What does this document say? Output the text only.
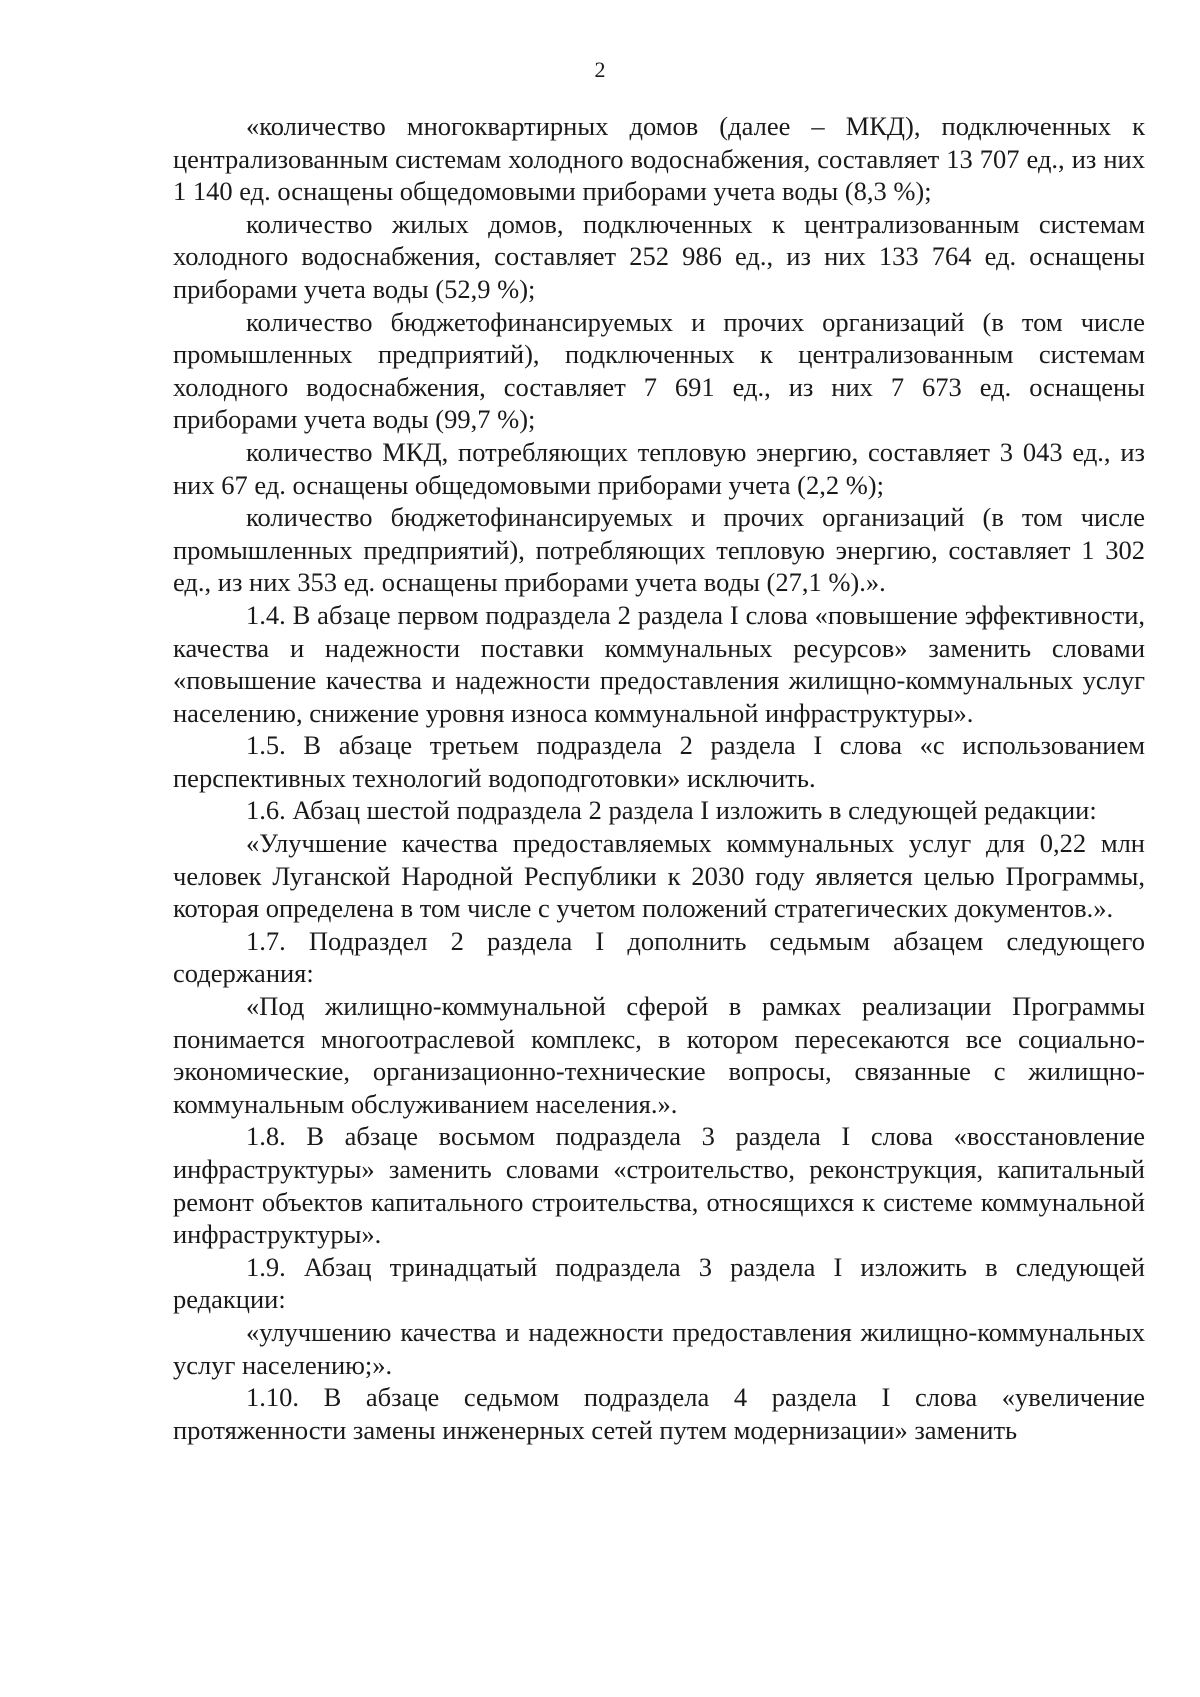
2

«количество многоквартирных домов (далее – МКД), подключенных к централизованным системам холодного водоснабжения, составляет 13 707 ед., из них 1 140 ед. оснащены общедомовыми приборами учета воды (8,3 %);

количество жилых домов, подключенных к централизованным системам холодного водоснабжения, составляет 252 986 ед., из них 133 764 ед. оснащены приборами учета воды (52,9 %);

количество бюджетофинансируемых и прочих организаций (в том числе промышленных предприятий), подключенных к централизованным системам холодного водоснабжения, составляет 7 691 ед., из них 7 673 ед. оснащены приборами учета воды (99,7 %);

количество МКД, потребляющих тепловую энергию, составляет 3 043 ед., из них 67 ед. оснащены общедомовыми приборами учета (2,2 %);

количество бюджетофинансируемых и прочих организаций (в том числе промышленных предприятий), потребляющих тепловую энергию, составляет 1 302 ед., из них 353 ед. оснащены приборами учета воды (27,1 %).».

1.4. В абзаце первом подраздела 2 раздела I слова «повышение эффективности, качества и надежности поставки коммунальных ресурсов» заменить словами «повышение качества и надежности предоставления жилищно-коммунальных услуг населению, снижение уровня износа коммунальной инфраструктуры».

1.5. В абзаце третьем подраздела 2 раздела I слова «с использованием перспективных технологий водоподготовки» исключить.

1.6. Абзац шестой подраздела 2 раздела I изложить в следующей редакции:

«Улучшение качества предоставляемых коммунальных услуг для 0,22 млн человек Луганской Народной Республики к 2030 году является целью Программы, которая определена в том числе с учетом положений стратегических документов.».

1.7. Подраздел 2 раздела I дополнить седьмым абзацем следующего содержания:

«Под жилищно-коммунальной сферой в рамках реализации Программы понимается многоотраслевой комплекс, в котором пересекаются все социально-экономические, организационно-технические вопросы, связанные с жилищно-коммунальным обслуживанием населения.».

1.8. В абзаце восьмом подраздела 3 раздела I слова «восстановление инфраструктуры» заменить словами «строительство, реконструкция, капитальный ремонт объектов капитального строительства, относящихся к системе коммунальной инфраструктуры».

1.9. Абзац тринадцатый подраздела 3 раздела I изложить в следующей редакции:

«улучшению качества и надежности предоставления жилищно-коммунальных услуг населению;».

1.10. В абзаце седьмом подраздела 4 раздела I слова «увеличение протяженности замены инженерных сетей путем модернизации» заменить
